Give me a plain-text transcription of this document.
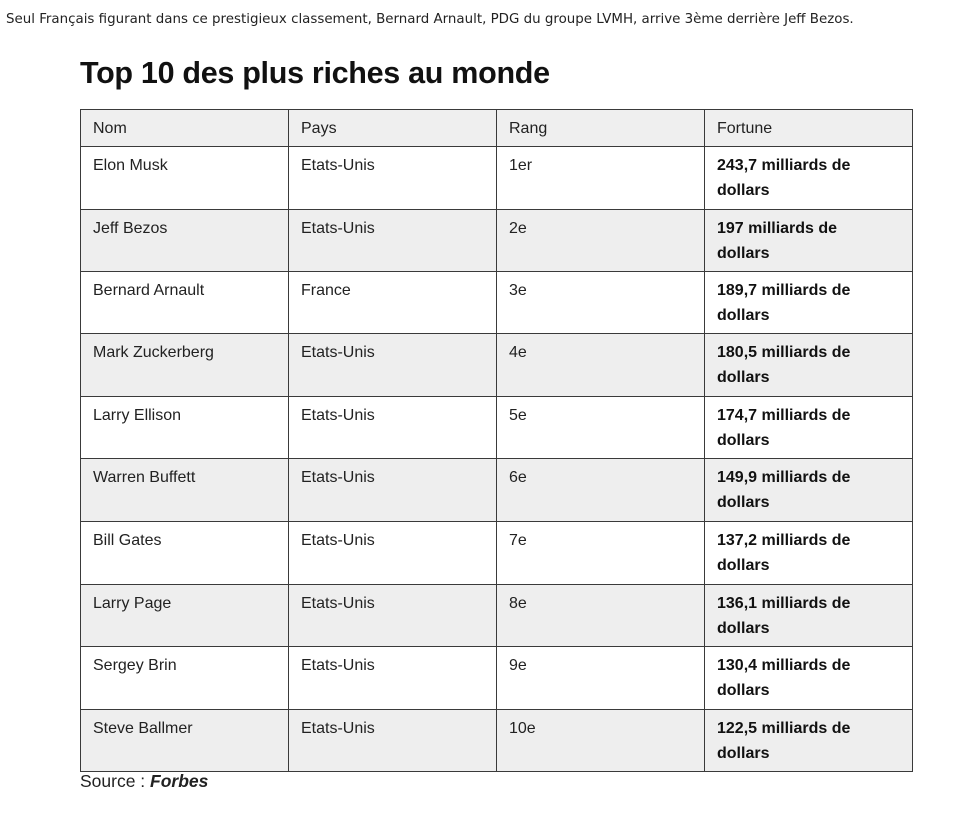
Seul Français figurant dans ce prestigieux classement, Bernard Arnault, PDG du groupe LVMH, arrive 3ème derrière Jeff Bezos.

Top 10 des plus riches au monde
Nom	Pays	Rang	Fortune
Elon Musk	Etats-Unis	1er	243,7 milliards de dollars
Jeff Bezos	Etats-Unis	2e	197 milliards de dollars
Bernard Arnault	France	3e	189,7 milliards de dollars
Mark Zuckerberg	Etats-Unis	4e	180,5 milliards de dollars
Larry Ellison	Etats-Unis	5e	174,7 milliards de dollars
Warren Buffett	Etats-Unis	6e	149,9 milliards de dollars
Bill Gates	Etats-Unis	7e	137,2 milliards de dollars
Larry Page	Etats-Unis	8e	136,1 milliards de dollars
Sergey Brin	Etats-Unis	9e	130,4 milliards de dollars
Steve Ballmer	Etats-Unis	10e	122,5 milliards de dollars

Source : Forbes
